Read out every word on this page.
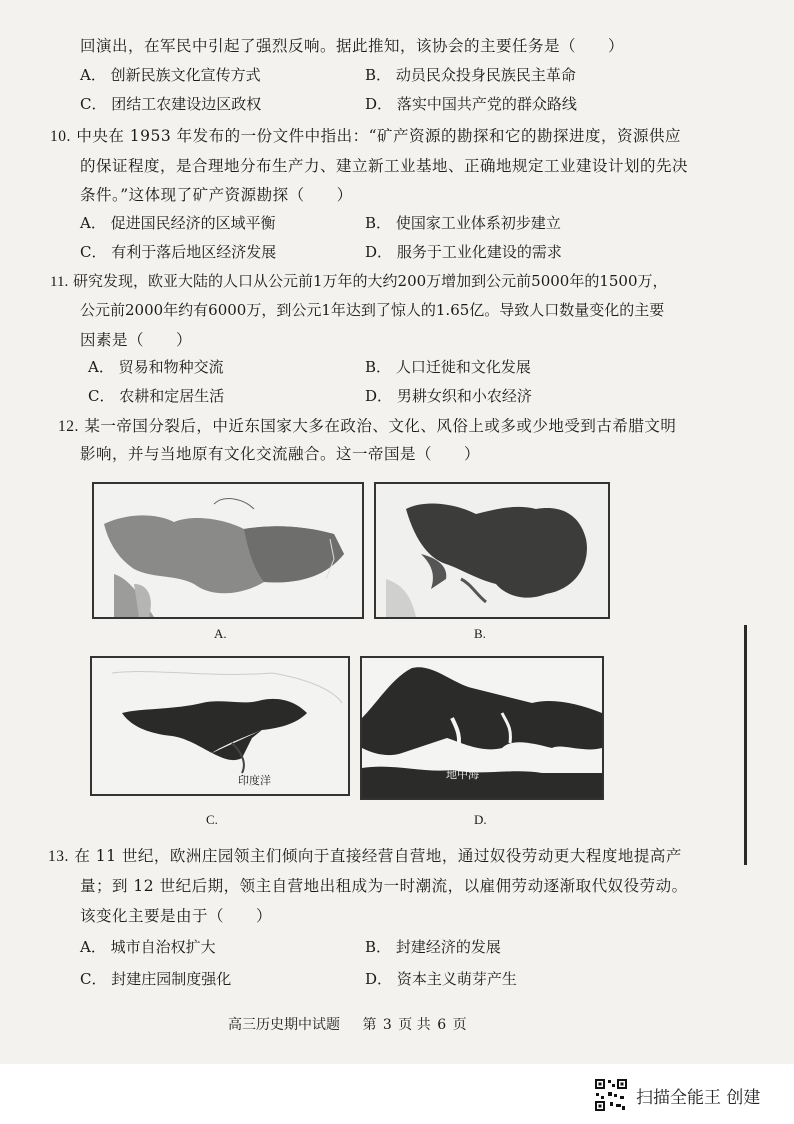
回演出，在军民中引起了强烈反响。据此推知，该协会的主要任务是（　　）
A． 创新民族文化宣传方式	B． 动员民众投身民族民主革命
C． 团结工农建设边区政权	D． 落实中国共产党的群众路线
10. 中央在 1953 年发布的一份文件中指出：“矿产资源的勘探和它的勘探进度，资源供应
的保证程度，是合理地分布生产力、建立新工业基地、正确地规定工业建设计划的先决
条件。”这体现了矿产资源勘探（　　）
A． 促进国民经济的区域平衡	B． 使国家工业体系初步建立
C． 有利于落后地区经济发展	D． 服务于工业化建设的需求
11. 研究发现，欧亚大陆的人口从公元前1万年的大约200万增加到公元前5000年的1500万，
公元前2000年约有6000万，到公元1年达到了惊人的1.65亿。导致人口数量变化的主要
因素是（　　）
A． 贸易和物种交流	B． 人口迁徙和文化发展
C． 农耕和定居生活	D． 男耕女织和小农经济
12. 某一帝国分裂后，中近东国家大多在政治、文化、风俗上或多或少地受到古希腊文明
影响，并与当地原有文化交流融合。这一帝国是（　　）
A.	B.
印度洋
C.
地中海
D.
13. 在 11 世纪，欧洲庄园领主们倾向于直接经营自营地，通过奴役劳动更大程度地提高产
量；到 12 世纪后期，领主自营地出租成为一时潮流，以雇佣劳动逐渐取代奴役劳动。
该变化主要是由于（　　）
A． 城市自治权扩大	B． 封建经济的发展
C． 封建庄园制度强化	D． 资本主义萌芽产生
高三历史期中试题 第 3 页 共 6 页
扫描全能王 创建
